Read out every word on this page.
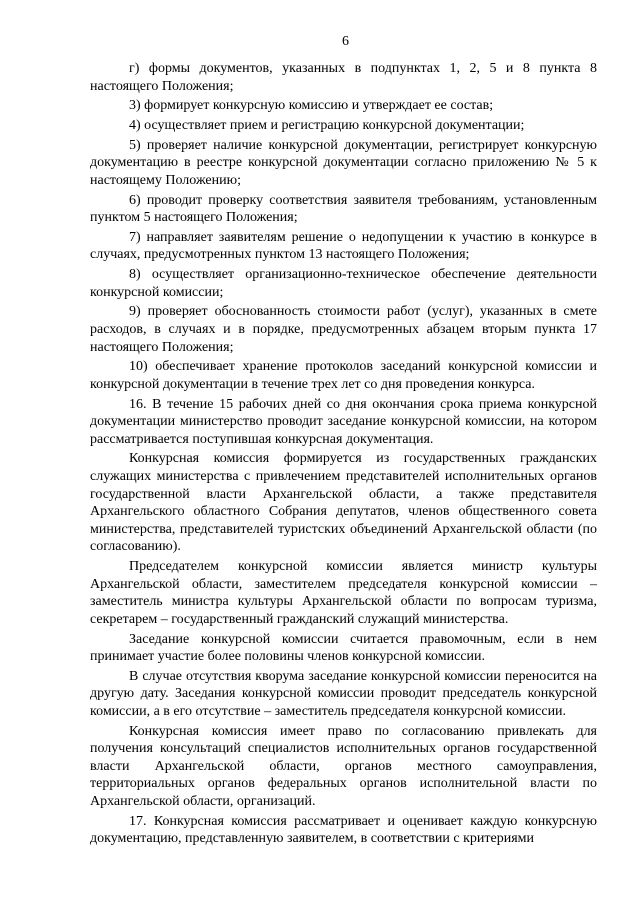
6

г) формы документов, указанных в подпунктах 1, 2, 5 и 8 пункта 8 настоящего Положения;

3) формирует конкурсную комиссию и утверждает ее состав;

4) осуществляет прием и регистрацию конкурсной документации;

5) проверяет наличие конкурсной документации, регистрирует конкурсную документацию в реестре конкурсной документации согласно приложению № 5 к настоящему Положению;

6) проводит проверку соответствия заявителя требованиям, установленным пунктом 5 настоящего Положения;

7) направляет заявителям решение о недопущении к участию в конкурсе в случаях, предусмотренных пунктом 13 настоящего Положения;

8) осуществляет организационно-техническое обеспечение деятельности конкурсной комиссии;

9) проверяет обоснованность стоимости работ (услуг), указанных в смете расходов, в случаях и в порядке, предусмотренных абзацем вторым пункта 17 настоящего Положения;

10) обеспечивает хранение протоколов заседаний конкурсной комиссии и конкурсной документации в течение трех лет со дня проведения конкурса.

16. В течение 15 рабочих дней со дня окончания срока приема конкурсной документации министерство проводит заседание конкурсной комиссии, на котором рассматривается поступившая конкурсная документация.

Конкурсная комиссия формируется из государственных гражданских служащих министерства с привлечением представителей исполнительных органов государственной власти Архангельской области, а также представителя Архангельского областного Собрания депутатов, членов общественного совета министерства, представителей туристских объединений Архангельской области (по согласованию).

Председателем конкурсной комиссии является министр культуры Архангельской области, заместителем председателя конкурсной комиссии – заместитель министра культуры Архангельской области по вопросам туризма, секретарем – государственный гражданский служащий министерства.

Заседание конкурсной комиссии считается правомочным, если в нем принимает участие более половины членов конкурсной комиссии.

В случае отсутствия кворума заседание конкурсной комиссии переносится на другую дату. Заседания конкурсной комиссии проводит председатель конкурсной комиссии, а в его отсутствие – заместитель председателя конкурсной комиссии.

Конкурсная комиссия имеет право по согласованию привлекать для получения консультаций специалистов исполнительных органов государственной власти Архангельской области, органов местного самоуправления, территориальных органов федеральных органов исполнительной власти по Архангельской области, организаций.

17. Конкурсная комиссия рассматривает и оценивает каждую конкурсную документацию, представленную заявителем, в соответствии с критериями
